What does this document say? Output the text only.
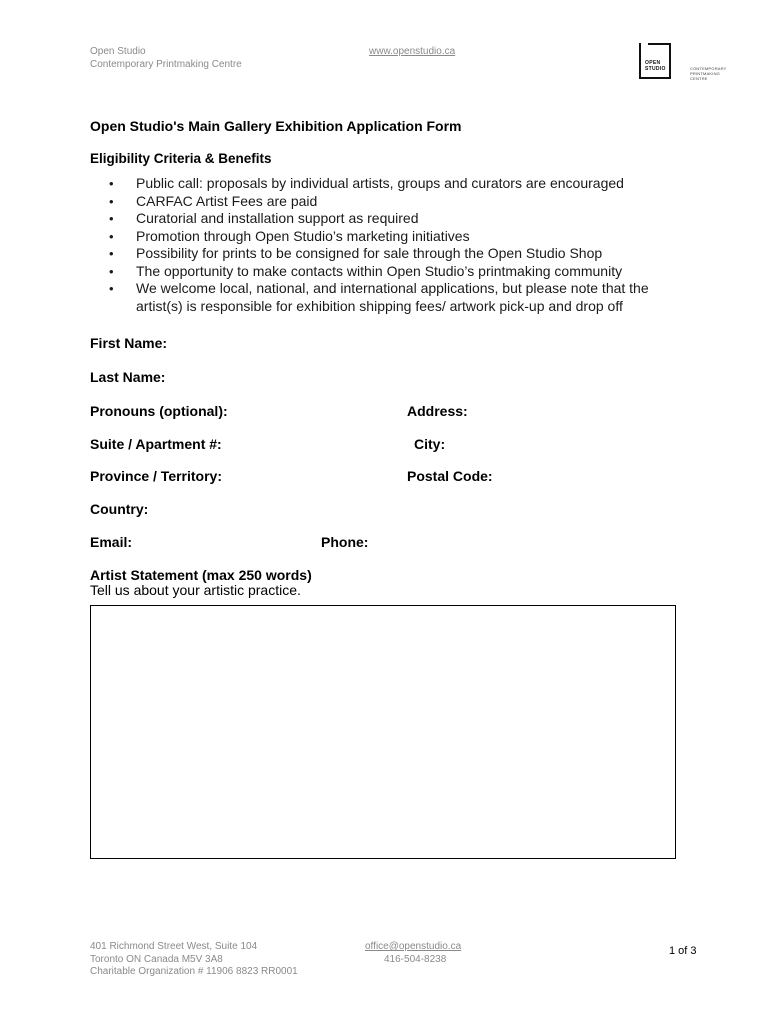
Open Studio
Contemporary Printmaking Centre
www.openstudio.ca
OPEN
STUDIO	CONTEMPORARY
PRINTMAKING
CENTRE
Open Studio's Main Gallery Exhibition Application Form
Eligibility Criteria & Benefits
• Public call: proposals by individual artists, groups and curators are encouraged
• CARFAC Artist Fees are paid
• Curatorial and installation support as required
• Promotion through Open Studio’s marketing initiatives
• Possibility for prints to be consigned for sale through the Open Studio Shop
• The opportunity to make contacts within Open Studio’s printmaking community
• We welcome local, national, and international applications, but please note that the artist(s) is responsible for exhibition shipping fees/ artwork pick-up and drop off
First Name:
Last Name:
Pronouns (optional):	Address:
Suite / Apartment #:	City:
Province / Territory:	Postal Code:
Country:
Email:	Phone:
Artist Statement (max 250 words)
Tell us about your artistic practice.
401 Richmond Street West, Suite 104
Toronto ON Canada M5V 3A8
Charitable Organization # 11906 8823 RR0001
office@openstudio.ca
416-504-8238
1 of 3
